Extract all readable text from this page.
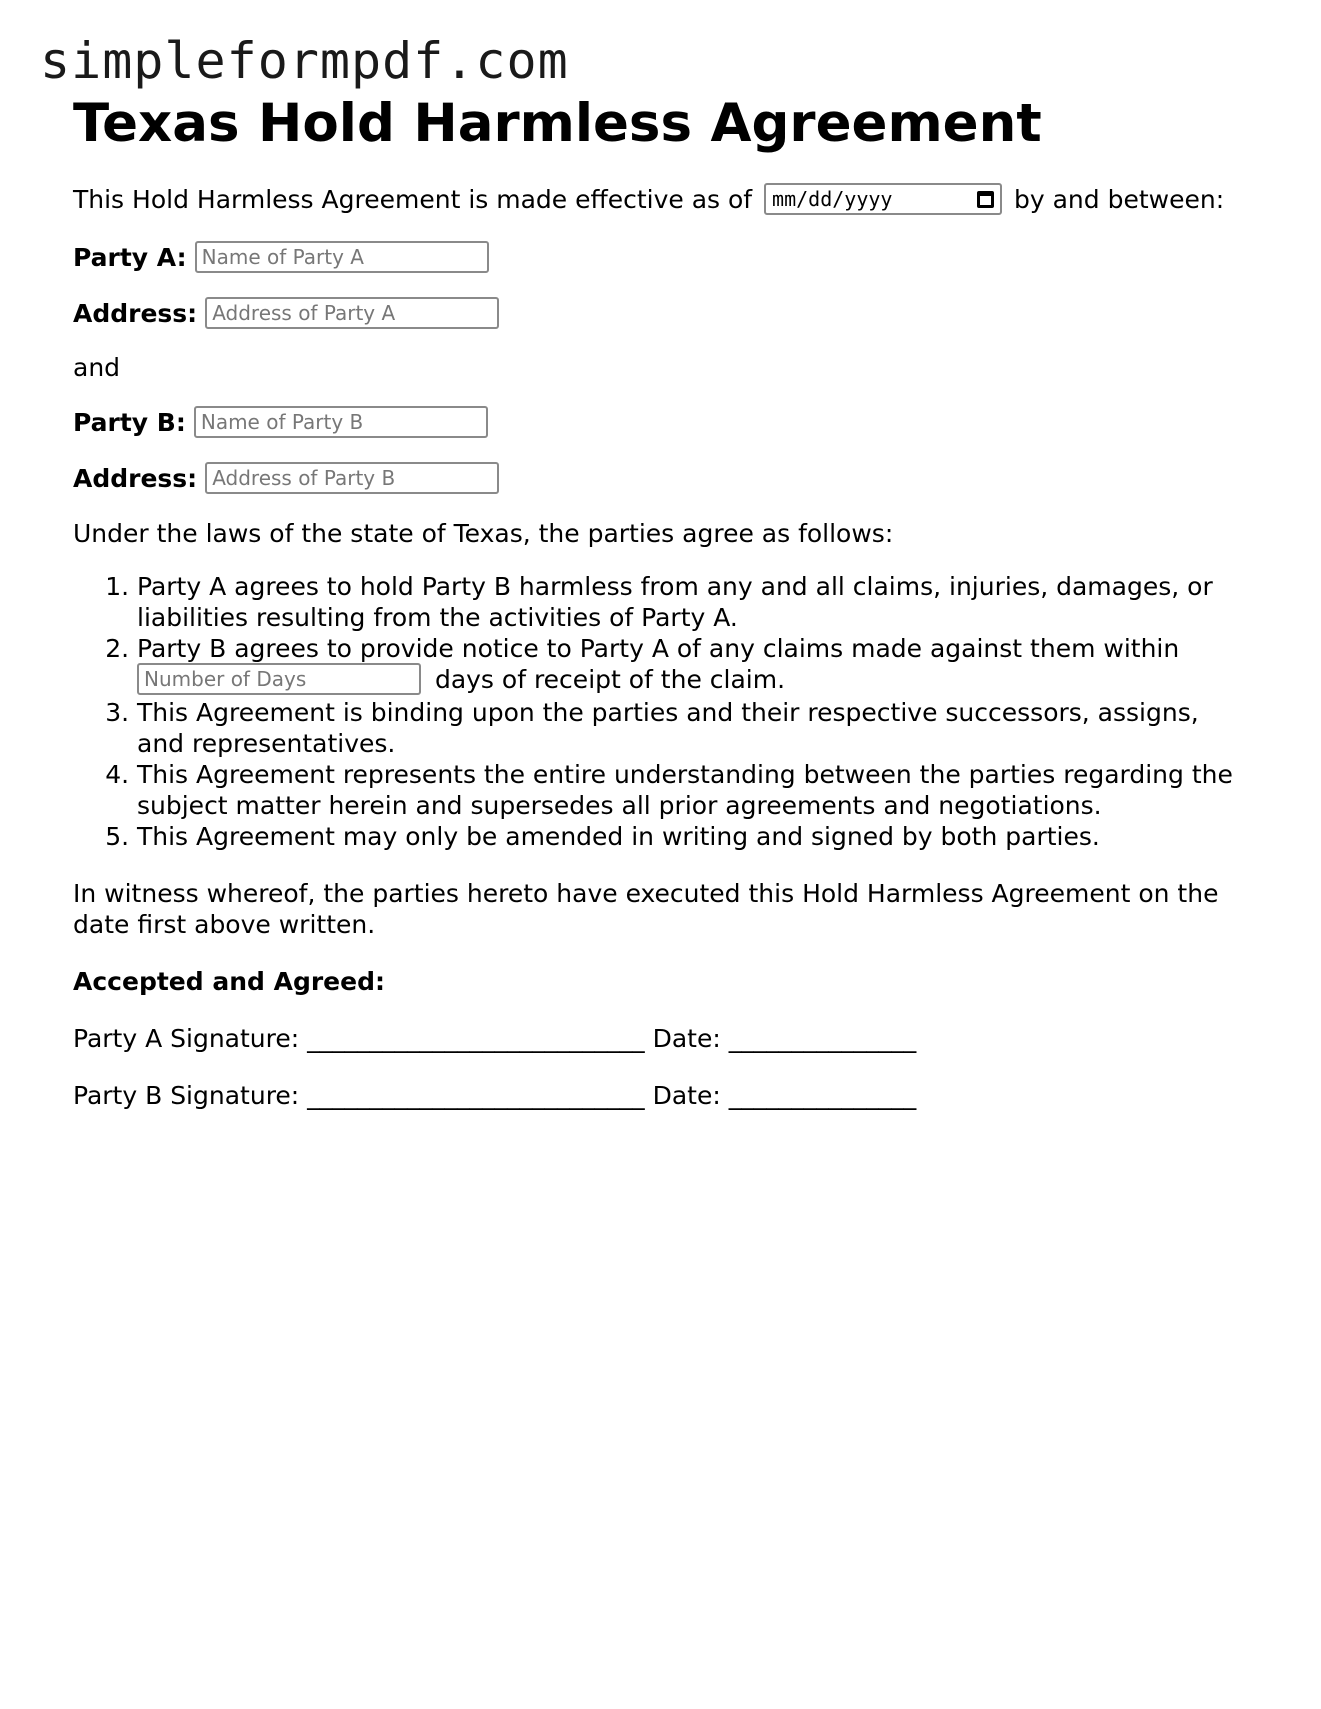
simpleformpdf.com
Texas Hold Harmless Agreement

This Hold Harmless Agreement is made effective as of mm/dd/yyyy	by and between:

Party A:
Name of Party A
Address:
Address of Party A

and

Party B:
Name of Party B
Address:
Address of Party B

Under the laws of the state of Texas, the parties agree as follows:

1. Party A agrees to hold Party B harmless from any and all claims, injuries, damages, or liabilities resulting from the activities of Party A.
2. Party B agrees to provide notice to Party A of any claims made against them within Number of Days days of receipt of the claim.
3. This Agreement is binding upon the parties and their respective successors, assigns, and representatives.
4. This Agreement represents the entire understanding between the parties regarding the subject matter herein and supersedes all prior agreements and negotiations.
5. This Agreement may only be amended in writing and signed by both parties.

In witness whereof, the parties hereto have executed this Hold Harmless Agreement on the date first above written.

Accepted and Agreed:

Party A Signature: ___________________________ Date: _______________

Party B Signature: ___________________________ Date: _______________
